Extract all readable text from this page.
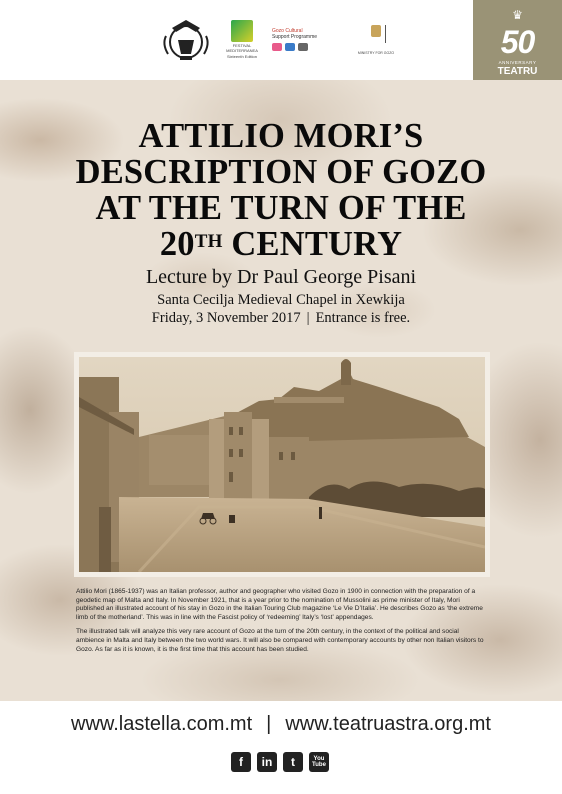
FESTIVAL MEDITERRANEA
Sixteenth Edition
Gozo Cultural
Support Programme
MINISTRY FOR GOZO
♛
50
ANNIVERSARY
TEATRU
ATTILIO MORI’S
DESCRIPTION OF GOZO
AT THE TURN OF THE
20TH CENTURY
Lecture by Dr Paul George Pisani
Santa Cecilja Medieval Chapel in Xewkija
Friday, 3 November 2017 | Entrance is free.

Attilio Mori (1865-1937) was an Italian professor, author and geographer who visited Gozo in 1900 in connection with the preparation of a geodetic map of Malta and Italy. In November 1921, that is a year prior to the nomination of Mussolini as prime minister of Italy, Mori published an illustrated account of his stay in Gozo in the Italian Touring Club magazine ‘Le Vie D’Italia’. He describes Gozo as ‘the extreme limb of the motherland’. This was in line with the Fascist policy of ‘redeeming’ Italy’s ‘lost’ appendages.

The illustrated talk will analyze this very rare account of Gozo at the turn of the 20th century, in the context of the political and social ambience in Malta and Italy between the two world wars. It will also be compared with contemporary accounts by other non Italian visitors to Gozo. As far as it is known, it is the first time that this account has been studied.

www.lastella.com.mt | www.teatruastra.org.mt
f	in	t	You
Tube
